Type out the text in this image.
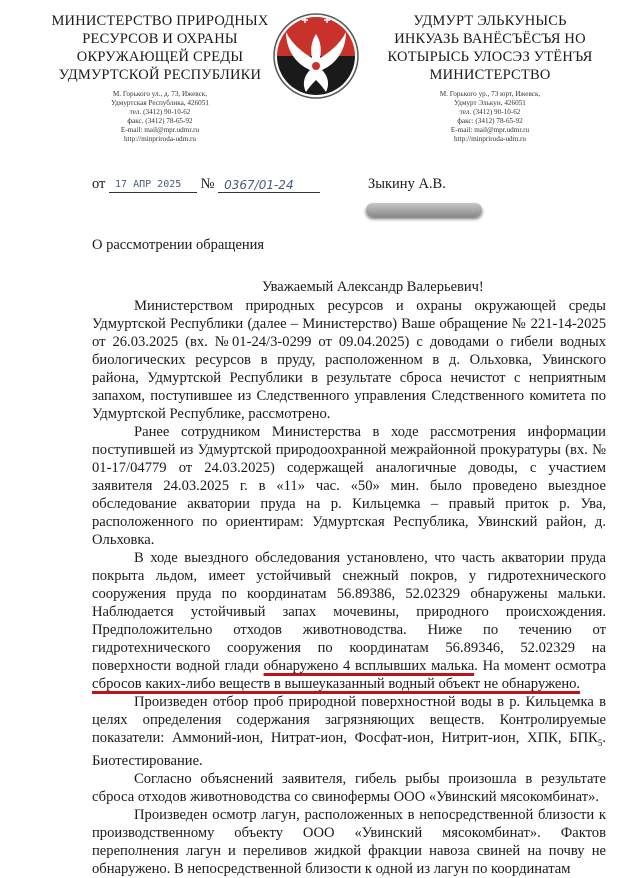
МИНИСТЕРСТВО ПРИРОДНЫХ
РЕСУРСОВ И ОХРАНЫ
ОКРУЖАЮЩЕЙ СРЕДЫ
УДМУРТСКОЙ РЕСПУБЛИКИ
М. Горького ул., д. 73, Ижевск,
Удмуртская Республика, 426051
тел. (3412) 90-10-62
факс. (3412) 78-65-92
E-mail: mail@mpr.udmr.ru
http://minpriroda-udm.ru
УДМУРТ ЭЛЬКУНЫСЬ
ИНКУАЗЬ ВАНЁСЪЁСЪЯ НО
КОТЫРЫСЬ УЛОСЭЗ УТЁНЪЯ
МИНИСТЕРСТВО
М. Горького ур., 73 юрт, Ижевск,
Удмурт Элькун, 426051
тел. (3412) 90-10-62
факс: (3412) 78-65-92
E-mail: mail@mpr.udmr.ru
http://minpriroda-udm.ru
от 17 АПР 2025 № 0367/01-24	Зыкину А.В.
О рассмотрении обращения
Уважаемый Александр Валерьевич!

Министерством природных ресурсов и охраны окружающей среды Удмуртской Республики (далее – Министерство) Ваше обращение № 221-14-2025 от 26.03.2025 (вх. №01-24/3-0299 от 09.04.2025) с доводами о гибели водных биологических ресурсов в пруду, расположенном в д. Ольховка, Увинского района, Удмуртской Республики в результате сброса нечистот с неприятным запахом, поступившее из Следственного управления Следственного комитета по Удмуртской Республике, рассмотрено.

Ранее сотрудником Министерства в ходе рассмотрения информации поступившей из Удмуртской природоохранной межрайонной прокуратуры (вх. № 01-17/04779 от 24.03.2025) содержащей аналогичные доводы, с участием заявителя 24.03.2025 г. в «11» час. «50» мин. было проведено выездное обследование акватории пруда на р. Кильцемка – правый приток р. Ува, расположенного по ориентирам: Удмуртская Республика, Увинский район, д. Ольховка.

В ходе выездного обследования установлено, что часть акватории пруда покрыта льдом, имеет устойчивый снежный покров, у гидротехнического сооружения пруда по координатам 56.89386, 52.02329 обнаружены мальки. Наблюдается устойчивый запах мочевины, природного происхождения. Предположительно отходов животноводства. Ниже по течению от гидротехнического сооружения по координатам 56.89346, 52.02329 на поверхности водной глади обнаружено 4 всплывших малька. На момент осмотра сбросов каких-либо веществ в вышеуказанный водный объект не обнаружено.

Произведен отбор проб природной поверхностной воды в р. Кильцемка в целях определения содержания загрязняющих веществ. Контролируемые показатели: Аммоний-ион, Нитрат-ион, Фосфат-ион, Нитрит-ион, ХПК, $БПК_5$. Биотестирование.

Согласно объяснений заявителя, гибель рыбы произошла в результате сброса отходов животноводства со свинофермы ООО «Увинский мясокомбинат».

Произведен осмотр лагун, расположенных в непосредственной близости к производственному объекту ООО «Увинский мясокомбинат». Фактов переполнения лагун и переливов жидкой фракции навоза свиней на почву не обнаружено. В непосредственной близости к одной из лагун по координатам
